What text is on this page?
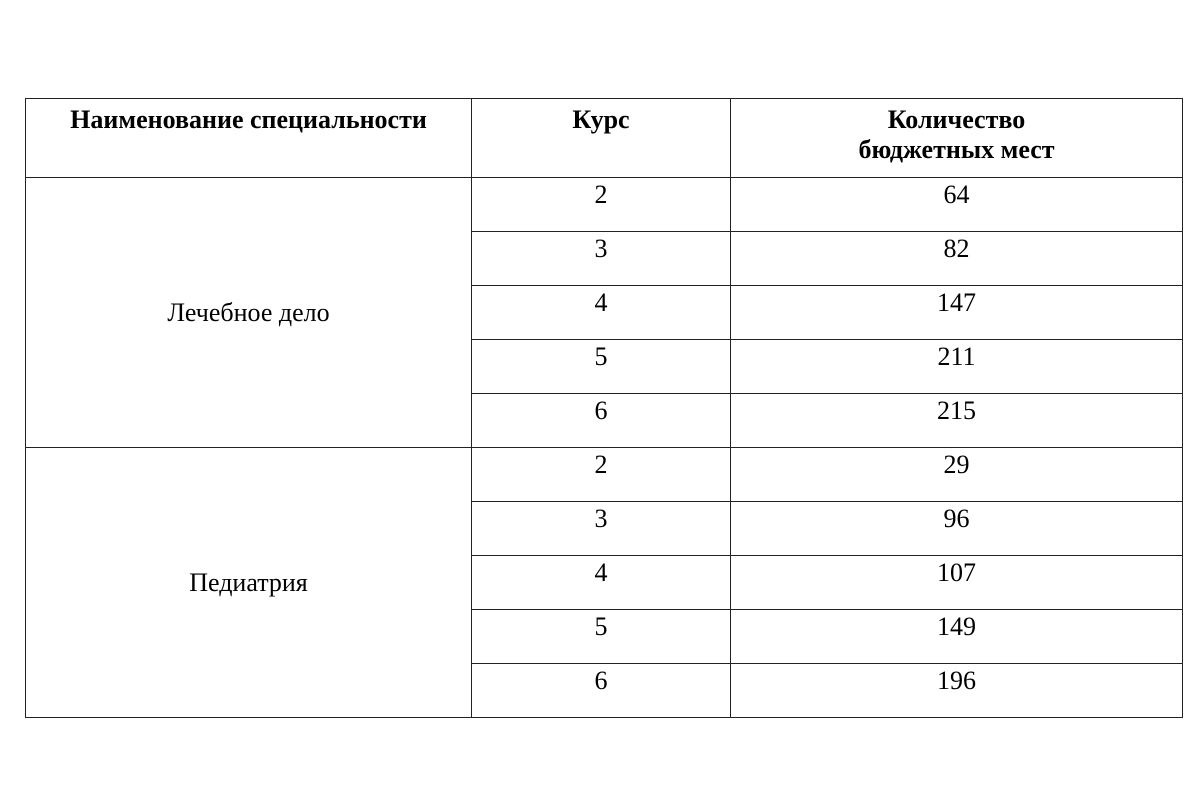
Наименование специальности	Курс	Количество
бюджетных мест

Лечебное дело	2	64
	3	82
	4	147
	5	211
	6	215
Педиатрия	2	29
	3	96
	4	107
	5	149
	6	196
